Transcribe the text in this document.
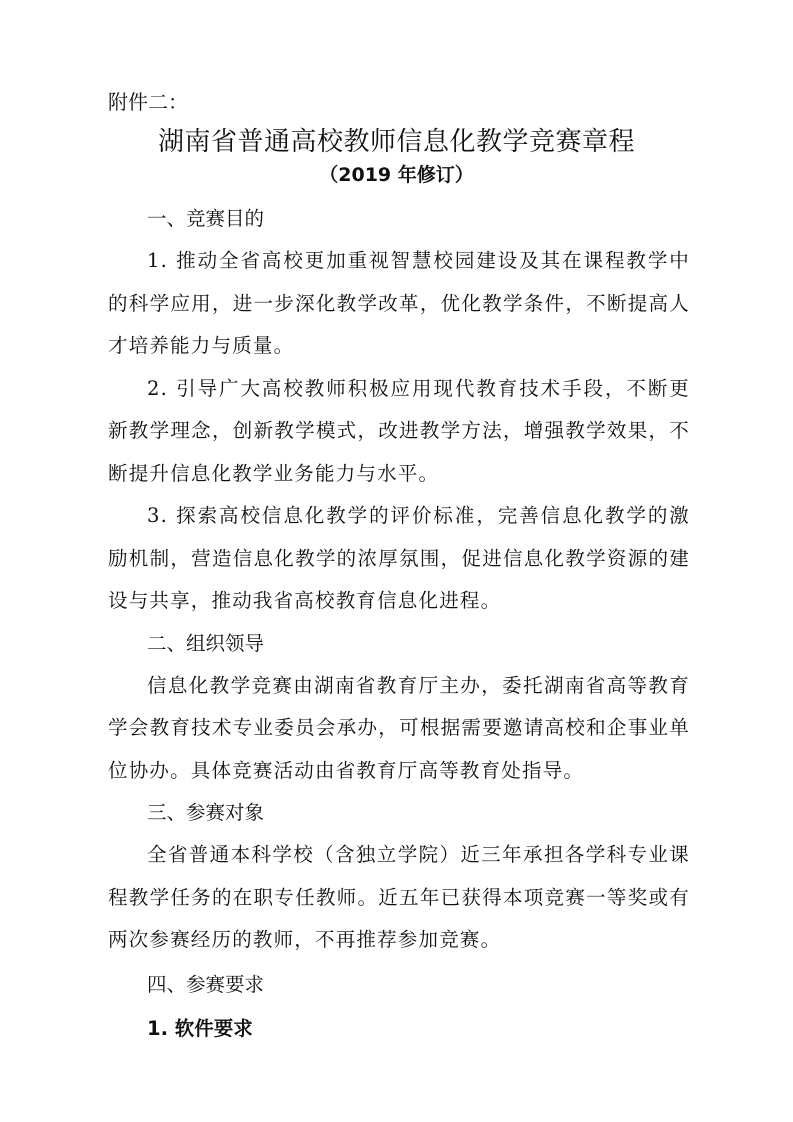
附件二：
湖南省普通高校教师信息化教学竞赛章程
（2019 年修订）

一、竞赛目的

1. 推动全省高校更加重视智慧校园建设及其在课程教学中的科学应用，进一步深化教学改革，优化教学条件，不断提高人才培养能力与质量。

2. 引导广大高校教师积极应用现代教育技术手段，不断更新教学理念，创新教学模式，改进教学方法，增强教学效果，不断提升信息化教学业务能力与水平。

3. 探索高校信息化教学的评价标准，完善信息化教学的激励机制，营造信息化教学的浓厚氛围，促进信息化教学资源的建设与共享，推动我省高校教育信息化进程。

二、组织领导

信息化教学竞赛由湖南省教育厅主办，委托湖南省高等教育学会教育技术专业委员会承办，可根据需要邀请高校和企事业单位协办。具体竞赛活动由省教育厅高等教育处指导。

三、参赛对象

全省普通本科学校（含独立学院）近三年承担各学科专业课程教学任务的在职专任教师。近五年已获得本项竞赛一等奖或有两次参赛经历的教师，不再推荐参加竞赛。

四、参赛要求

1. 软件要求
